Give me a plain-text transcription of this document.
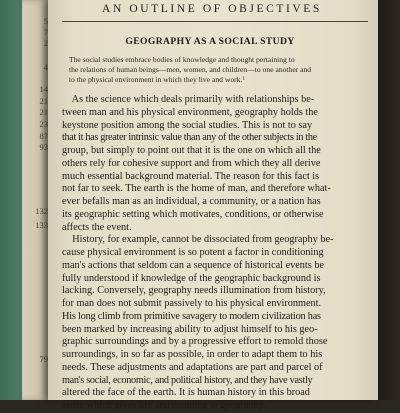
5
7
2
4
14
21
21
23
87
93
132
133
79
AN OUTLINE OF OBJECTIVES
GEOGRAPHY AS A SOCIAL STUDY
The social studies embrace bodies of knowledge and thought pertaining to
the relations of human beings—men, women, and children—to one another and
to the physical environment in which they live and work.$^1$
As the science which deals primarily with relationships be-
tween man and his physical environment, geography holds the
keystone position among the social studies. This is not to say
that it has greater intrinsic value than any of the other subjects in the
group, but simply to point out that it is the one on which all the
others rely for cohesive support and from which they all derive
much essential background material. The reason for this fact is
not far to seek. The earth is the home of man, and therefore what-
ever befalls man as an individual, a community, or a nation has
its geographic setting which motivates, conditions, or otherwise
affects the event.
History, for example, cannot be dissociated from geography be-
cause physical environment is so potent a factor in conditioning
man's actions that seldom can a sequence of historical events be
fully understood if knowledge of the geographic background is
lacking. Conversely, geography needs illumination from history,
for man does not submit passively to his physical environment.
His long climb from primitive savagery to modern civilization has
been marked by increasing ability to adjust himself to his geo-
graphic surroundings and by a progressive effort to remold those
surroundings, in so far as possible, in order to adapt them to his
needs. These adjustments and adaptations are part and parcel of
man's social, economic, and political history, and they have vastly
altered the face of the earth. It is human history in this broad
sense which gives life and meaning to geography.
